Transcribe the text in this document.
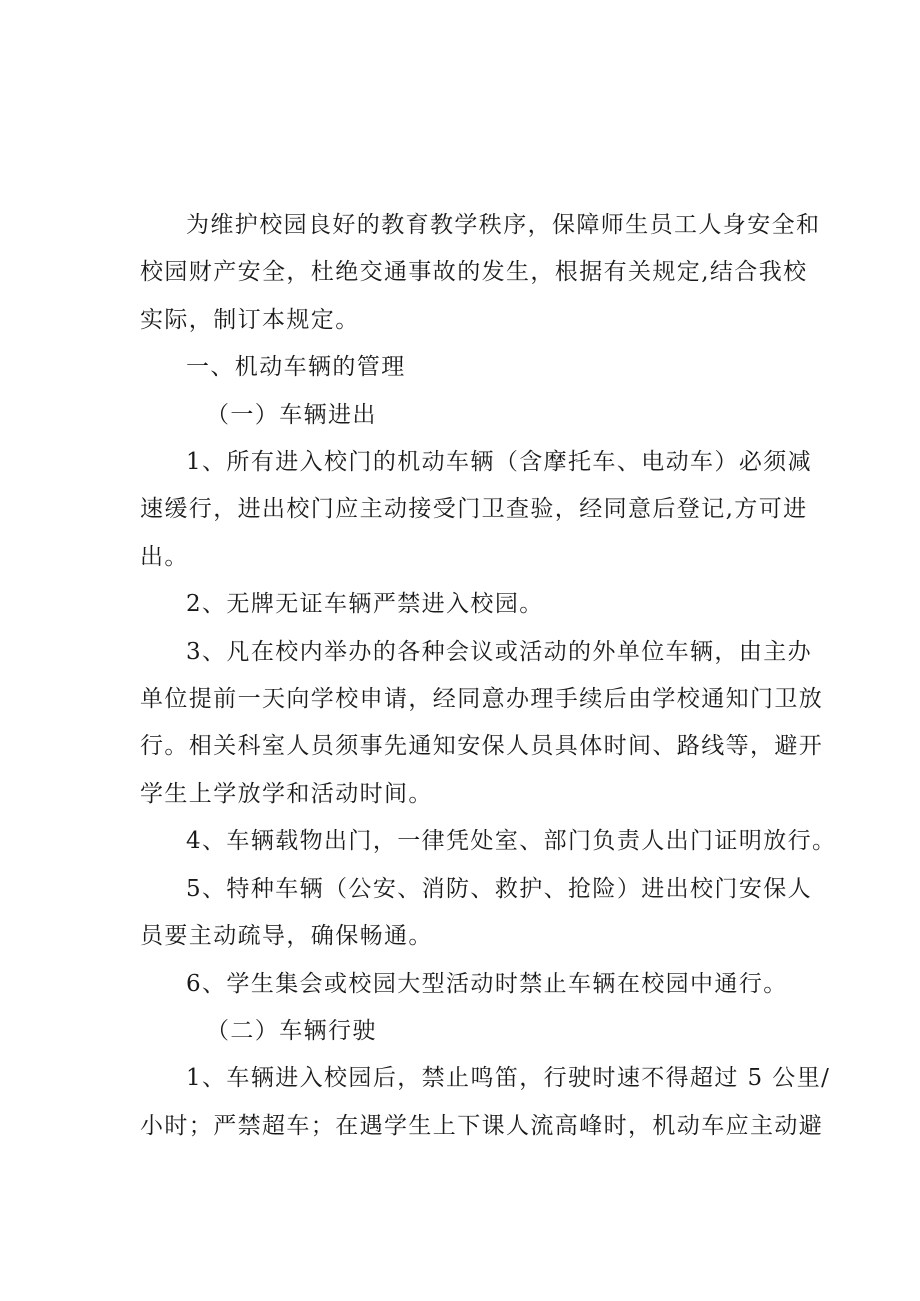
为维护校园良好的教育教学秩序，保障师生员工人身安全和
校园财产安全，杜绝交通事故的发生，根据有关规定,结合我校
实际，制订本规定。
一、机动车辆的管理
（一）车辆进出
1、所有进入校门的机动车辆（含摩托车、电动车）必须减
速缓行，进出校门应主动接受门卫查验，经同意后登记,方可进
出。
2、无牌无证车辆严禁进入校园。
3、凡在校内举办的各种会议或活动的外单位车辆，由主办
单位提前一天向学校申请，经同意办理手续后由学校通知门卫放
行。相关科室人员须事先通知安保人员具体时间、路线等，避开
学生上学放学和活动时间。
4、车辆载物出门，一律凭处室、部门负责人出门证明放行。
5、特种车辆（公安、消防、救护、抢险）进出校门安保人
员要主动疏导，确保畅通。
6、学生集会或校园大型活动时禁止车辆在校园中通行。
（二）车辆行驶
1、车辆进入校园后，禁止鸣笛，行驶时速不得超过 5 公里/
小时；严禁超车；在遇学生上下课人流高峰时，机动车应主动避
